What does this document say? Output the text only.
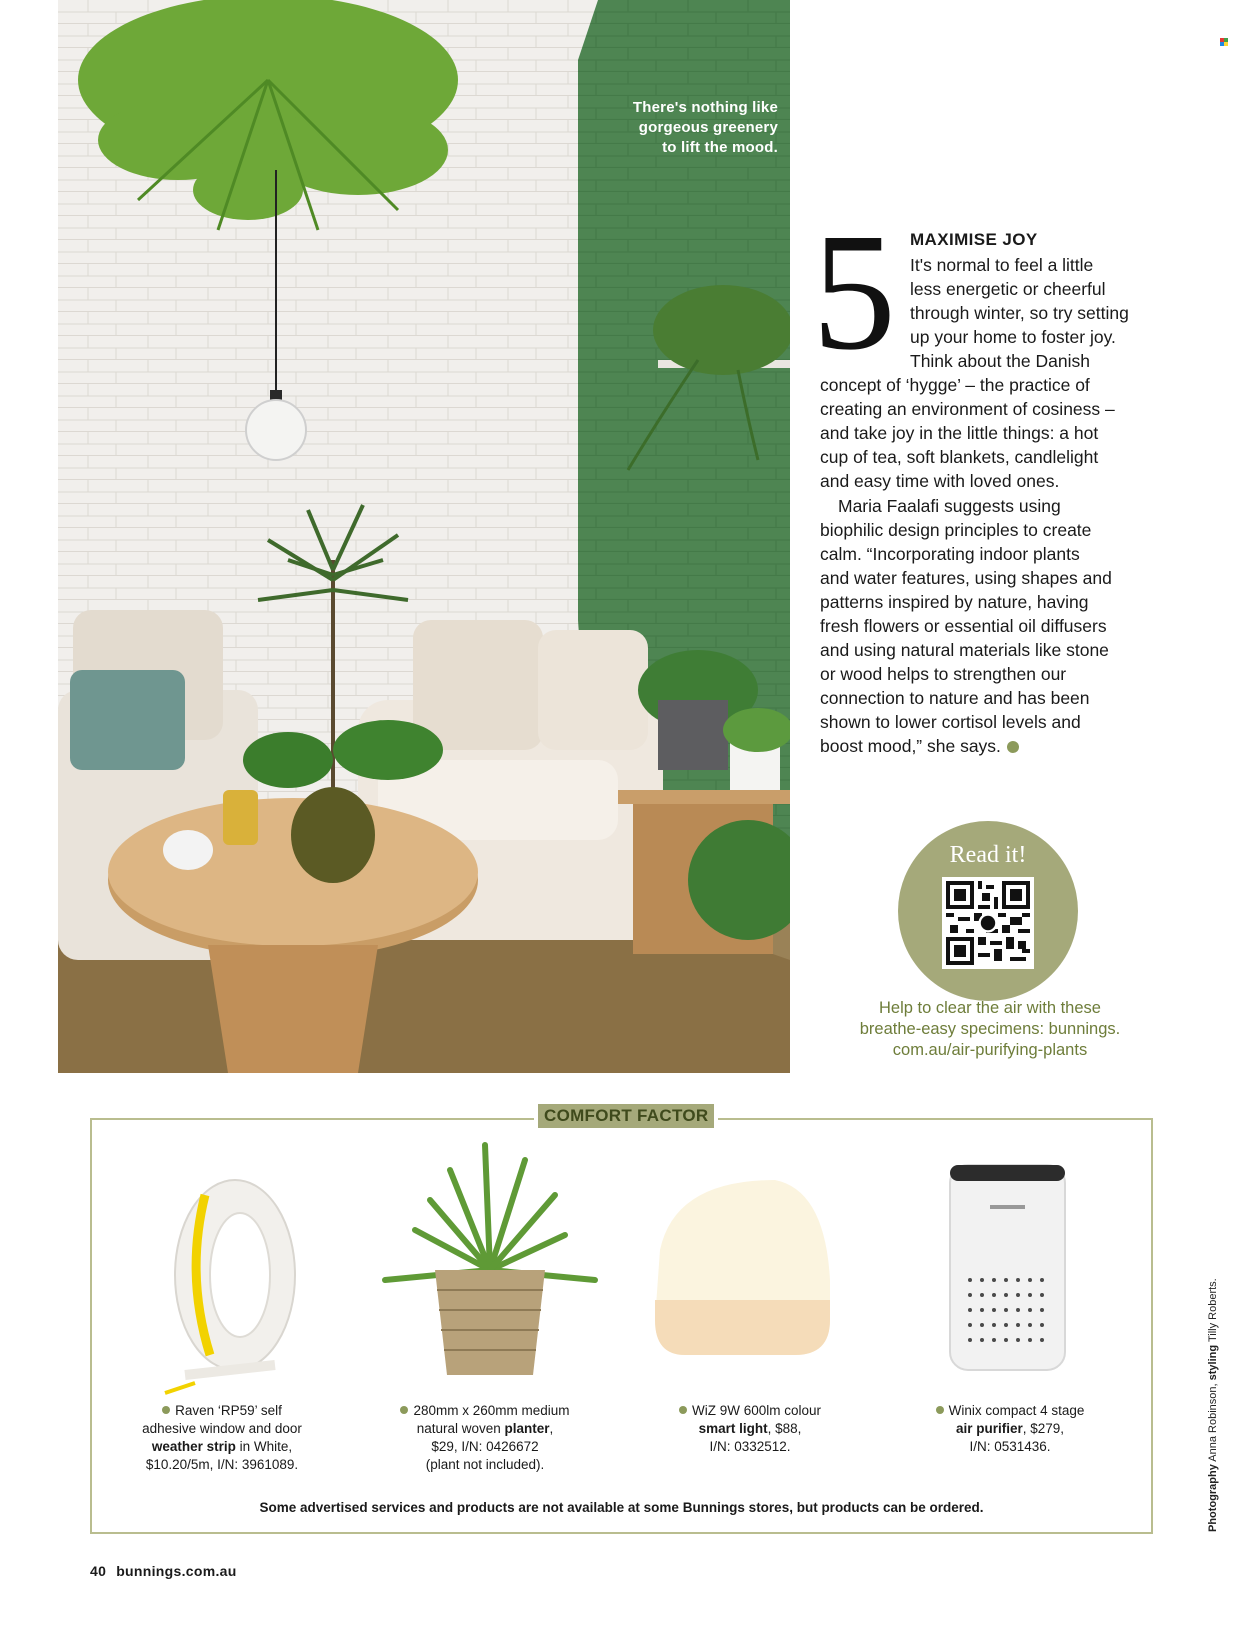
There's nothing like
gorgeous greenery
to lift the mood.
5 MAXIMISE JOY
It's normal to feel a little
less energetic or cheerful
through winter, so try setting
up your home to foster joy.
Think about the Danish
concept of ‘hygge’ – the practice of
creating an environment of cosiness –
and take joy in the little things: a hot
cup of tea, soft blankets, candlelight
and easy time with loved ones.
Maria Faalafi suggests using
biophilic design principles to create
calm. “Incorporating indoor plants
and water features, using shapes and
patterns inspired by nature, having
fresh flowers or essential oil diffusers
and using natural materials like stone
or wood helps to strengthen our
connection to nature and has been
shown to lower cortisol levels and
boost mood,” she says.
Read it!
Help to clear the air with these
breathe-easy specimens: bunnings.
com.au/air-purifying-plants
COMFORT FACTOR
Raven ‘RP59’ self
adhesive window and door
weather strip in White,
$10.20/5m, I/N: 3961089.
280mm x 260mm medium
natural woven planter,
$29, I/N: 0426672
(plant not included).
WiZ 9W 600lm colour
smart light, $88,
I/N: 0332512.
Winix compact 4 stage
air purifier, $279,
I/N: 0531436.
Some advertised services and products are not available at some Bunnings stores, but products can be ordered.
40 bunnings.com.au
Photography Anna Robinson, styling Tilly Roberts.
